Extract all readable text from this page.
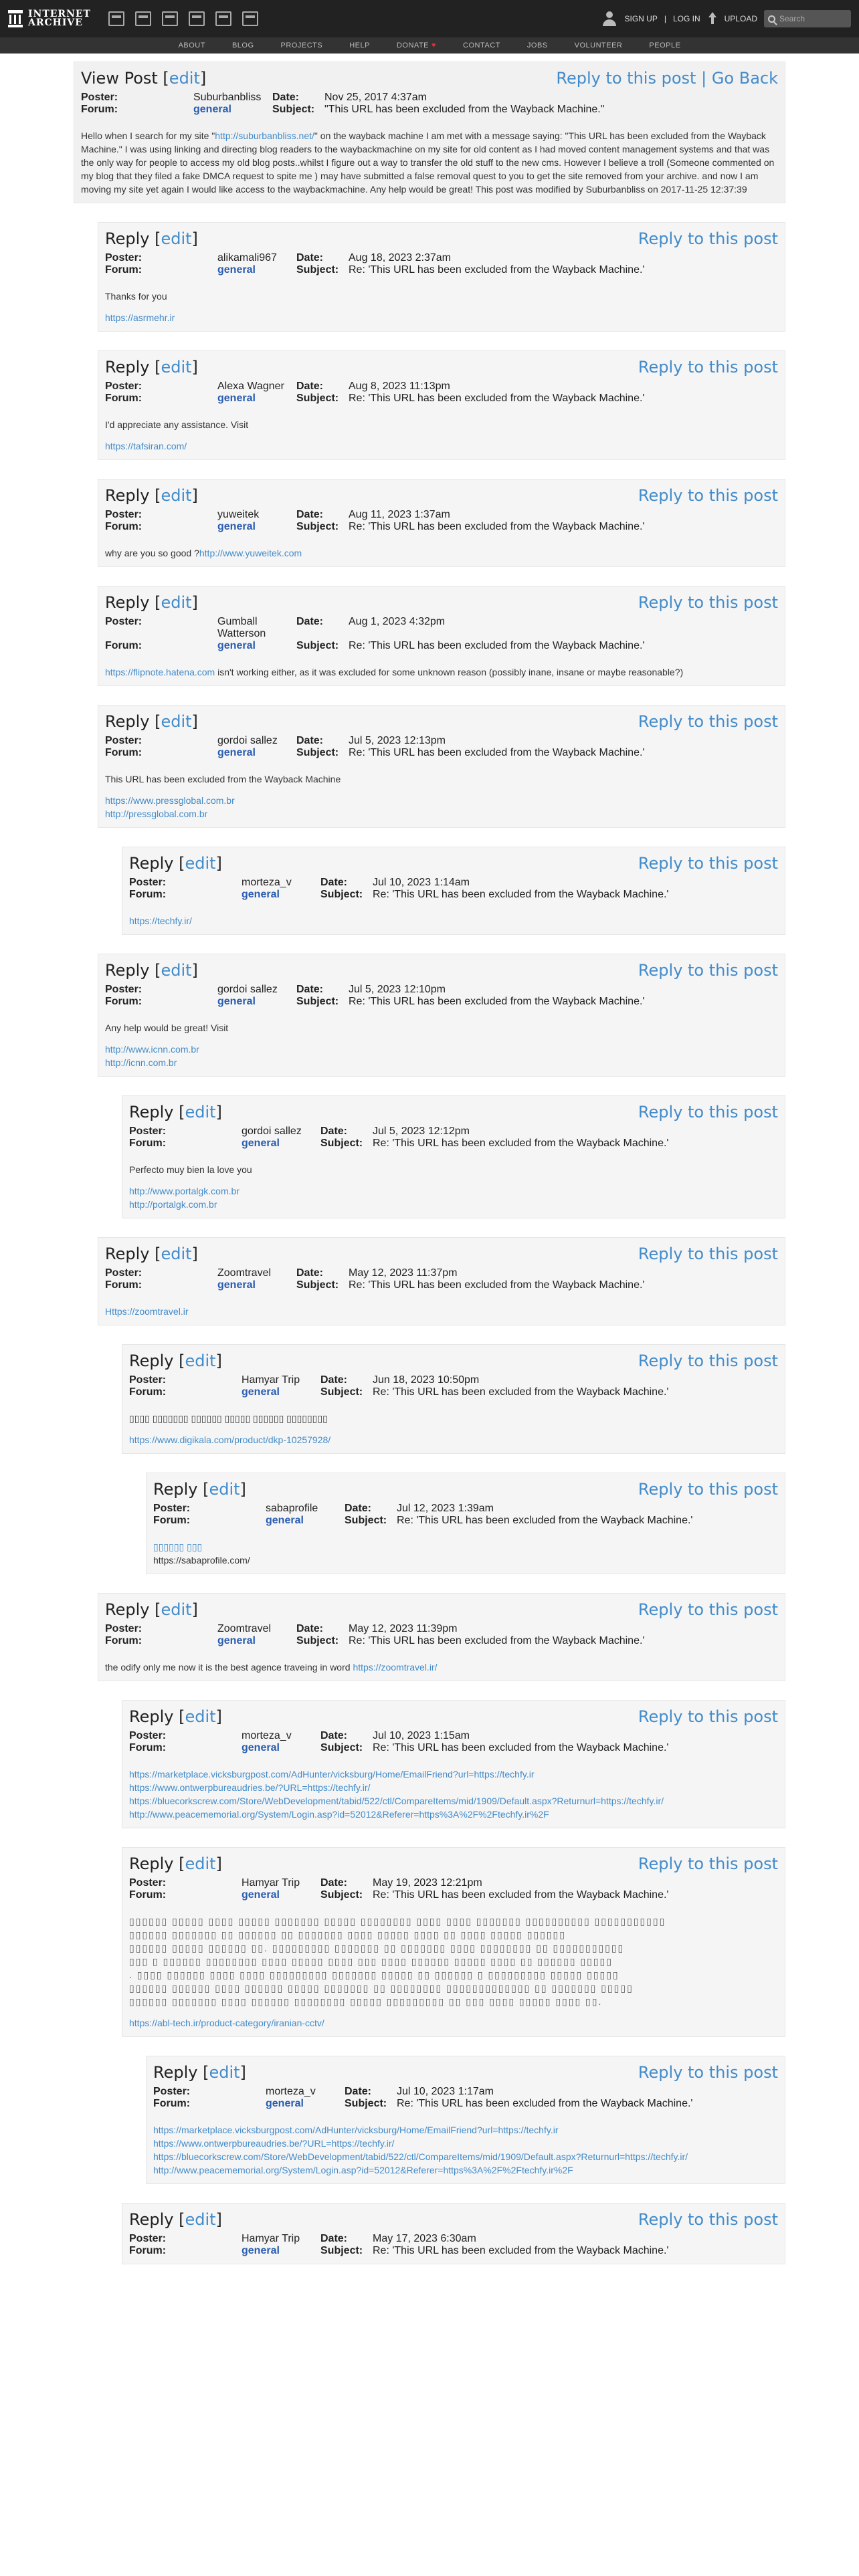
INTERNET
ARCHIVE	SIGN UP | LOG IN	UPLOAD
Search
ABOUT	BLOG	PROJECTS	HELP	DONATE ♥	CONTACT	JOBS	VOLUNTEER	PEOPLE
View Post [edit]	Reply to this post | Go Back
Poster:	Suburbanbliss	Date:	Nov 25, 2017 4:37am
Forum:	general	Subject: "This URL has been excluded from the Wayback Machine."
Hello when I search for my site "http://suburbanbliss.net/" on the wayback machine I am met with a message saying: "This URL has been excluded from the Wayback Machine." I was using linking and directing blog readers to the waybackmachine on my site for old content as I had moved content management systems and that was the only way for people to access my old blog posts..whilst I figure out a way to transfer the old stuff to the new cms. However I believe a troll (Someone commented on my blog that they filed a fake DMCA request to spite me ) may have submitted a false removal quest to you to get the site removed from your archive. and now I am moving my site yet again I would like access to the waybackmachine. Any help would be great! This post was modified by Suburbanbliss on 2017-11-25 12:37:39
Reply [edit]	Reply to this post
Poster:	alikamali967	Date:	Aug 18, 2023 2:37am
Forum:	general	Subject: Re: 'This URL has been excluded from the Wayback Machine.'
Thanks for you
https://asrmehr.ir
Reply [edit]	Reply to this post
Poster:	Alexa Wagner	Date:	Aug 8, 2023 11:13pm
Forum:	general	Subject: Re: 'This URL has been excluded from the Wayback Machine.'
I'd appreciate any assistance. Visit
https://tafsiran.com/
Reply [edit]	Reply to this post
Poster:	yuweitek	Date:	Aug 11, 2023 1:37am
Forum:	general	Subject: Re: 'This URL has been excluded from the Wayback Machine.'
why are you so good ?http://www.yuweitek.com
Reply [edit]	Reply to this post
Poster:	Gumball Watterson
Date:	Aug 1, 2023 4:32pm
Forum:	general	Subject: Re: 'This URL has been excluded from the Wayback Machine.'
https://flipnote.hatena.com isn't working either, as it was excluded for some unknown reason (possibly inane, insane or maybe reasonable?)
Reply [edit]	Reply to this post
Poster:	gordoi sallez	Date:	Jul 5, 2023 12:13pm
Forum:	general	Subject: Re: 'This URL has been excluded from the Wayback Machine.'
This URL has been excluded from the Wayback Machine
https://www.pressglobal.com.br
http://pressglobal.com.br
Reply [edit]	Reply to this post
Poster:	morteza_v	Date:	Jul 10, 2023 1:14am
Forum:	general	Subject: Re: 'This URL has been excluded from the Wayback Machine.'
https://techfy.ir/
Reply [edit]	Reply to this post
Poster:	gordoi sallez	Date:	Jul 5, 2023 12:10pm
Forum:	general	Subject: Re: 'This URL has been excluded from the Wayback Machine.'
Any help would be great! Visit
http://www.icnn.com.br
http://icnn.com.br
Reply [edit]	Reply to this post
Poster:	gordoi sallez	Date:	Jul 5, 2023 12:12pm
Forum:	general	Subject: Re: 'This URL has been excluded from the Wayback Machine.'
Perfecto muy bien la love you
http://www.portalgk.com.br
http://portalgk.com.br
Reply [edit]	Reply to this post
Poster:	Zoomtravel	Date:	May 12, 2023 11:37pm
Forum:	general	Subject: Re: 'This URL has been excluded from the Wayback Machine.'
Https://zoomtravel.ir
Reply [edit]	Reply to this post
Poster:	Hamyar Trip	Date:	Jun 18, 2023 10:50pm
Forum:	general	Subject: Re: 'This URL has been excluded from the Wayback Machine.'
▯▯▯▯ ▯▯▯▯▯▯▯ ▯▯▯▯▯▯ ▯▯▯▯▯ ▯▯▯▯▯▯ ▯▯▯▯▯▯▯▯
https://www.digikala.com/product/dkp-10257928/
Reply [edit]	Reply to this post
Poster:	sabaprofile	Date:	Jul 12, 2023 1:39am
Forum:	general	Subject: Re: 'This URL has been excluded from the Wayback Machine.'
▯▯▯▯▯▯ ▯▯▯
https://sabaprofile.com/
Reply [edit]	Reply to this post
Poster:	Zoomtravel	Date:	May 12, 2023 11:39pm
Forum:	general	Subject: Re: 'This URL has been excluded from the Wayback Machine.'
the odify only me now it is the best agence traveing in word https://zoomtravel.ir/
Reply [edit]	Reply to this post
Poster:	morteza_v	Date:	Jul 10, 2023 1:15am
Forum:	general	Subject: Re: 'This URL has been excluded from the Wayback Machine.'
https://marketplace.vicksburgpost.com/AdHunter/vicksburg/Home/EmailFriend?url=https://techfy.ir
https://www.ontwerpbureaudries.be/?URL=https://techfy.ir/
https://bluecorkscrew.com/Store/WebDevelopment/tabid/522/ctl/CompareItems/mid/1909/Default.aspx?Returnurl=https://techfy.ir/
http://www.peacememorial.org/System/Login.asp?id=52012&Referer=https%3A%2F%2Ftechfy.ir%2F
Reply [edit]	Reply to this post
Poster:	Hamyar Trip	Date:	May 19, 2023 12:21pm
Forum:	general	Subject: Re: 'This URL has been excluded from the Wayback Machine.'
▯▯▯▯▯▯ ▯▯▯▯▯ ▯▯▯▯ ▯▯▯▯▯ ▯▯▯▯▯▯▯ ▯▯▯▯▯ ▯▯▯▯▯▯▯▯ ▯▯▯▯ ▯▯▯▯ ▯▯▯▯▯▯▯ ▯▯▯▯▯▯▯▯▯▯ ▯▯▯▯▯▯▯▯▯▯▯
▯▯▯▯▯▯ ▯▯▯▯▯▯▯ ▯▯ ▯▯▯▯▯▯ ▯▯ ▯▯▯▯▯▯▯ ▯▯▯▯ ▯▯▯▯▯ ▯▯▯▯ ▯▯ ▯▯▯▯ ▯▯▯▯▯ ▯▯▯▯▯▯
▯▯▯▯▯▯ ▯▯▯▯▯ ▯▯▯▯▯▯ ▯▯. ▯▯▯▯▯▯▯▯▯ ▯▯▯▯▯▯▯ ▯▯ ▯▯▯▯▯▯▯ ▯▯▯▯ ▯▯▯▯▯▯▯▯ ▯▯ ▯▯▯▯▯▯▯▯▯▯▯
▯▯▯ ▯ ▯▯▯▯▯▯ ▯▯▯▯▯▯▯▯ ▯▯▯▯ ▯▯▯▯▯ ▯▯▯▯ ▯▯▯ ▯▯▯▯ ▯▯▯▯▯▯ ▯▯▯▯▯ ▯▯▯▯ ▯▯ ▯▯▯▯▯▯ ▯▯▯▯▯
. ▯▯▯▯ ▯▯▯▯▯▯ ▯▯▯▯ ▯▯▯▯ ▯▯▯▯▯▯▯▯▯ ▯▯▯▯▯▯▯ ▯▯▯▯▯ ▯▯ ▯▯▯▯▯▯ ▯ ▯▯▯▯▯▯▯▯▯ ▯▯▯▯▯ ▯▯▯▯▯
▯▯▯▯▯▯ ▯▯▯▯▯▯ ▯▯▯▯ ▯▯▯▯▯▯ ▯▯▯▯▯ ▯▯▯▯▯▯▯ ▯▯ ▯▯▯▯▯▯▯▯ ▯▯▯▯▯▯▯▯▯▯▯▯▯ ▯▯ ▯▯▯▯▯▯▯ ▯▯▯▯▯
▯▯▯▯▯▯ ▯▯▯▯▯▯▯ ▯▯▯▯ ▯▯▯▯▯▯ ▯▯▯▯▯▯▯▯ ▯▯▯▯▯ ▯▯▯▯▯▯▯▯▯ ▯▯ ▯▯▯ ▯▯▯▯ ▯▯▯▯▯ ▯▯▯▯ ▯▯.
https://abl-tech.ir/product-category/iranian-cctv/
Reply [edit]	Reply to this post
Poster:	morteza_v	Date:	Jul 10, 2023 1:17am
Forum:	general	Subject: Re: 'This URL has been excluded from the Wayback Machine.'
https://marketplace.vicksburgpost.com/AdHunter/vicksburg/Home/EmailFriend?url=https://techfy.ir
https://www.ontwerpbureaudries.be/?URL=https://techfy.ir/
https://bluecorkscrew.com/Store/WebDevelopment/tabid/522/ctl/CompareItems/mid/1909/Default.aspx?Returnurl=https://techfy.ir/
http://www.peacememorial.org/System/Login.asp?id=52012&Referer=https%3A%2F%2Ftechfy.ir%2F
Reply [edit]	Reply to this post
Poster:	Hamyar Trip	Date:	May 17, 2023 6:30am
Forum:	general	Subject: Re: 'This URL has been excluded from the Wayback Machine.'
